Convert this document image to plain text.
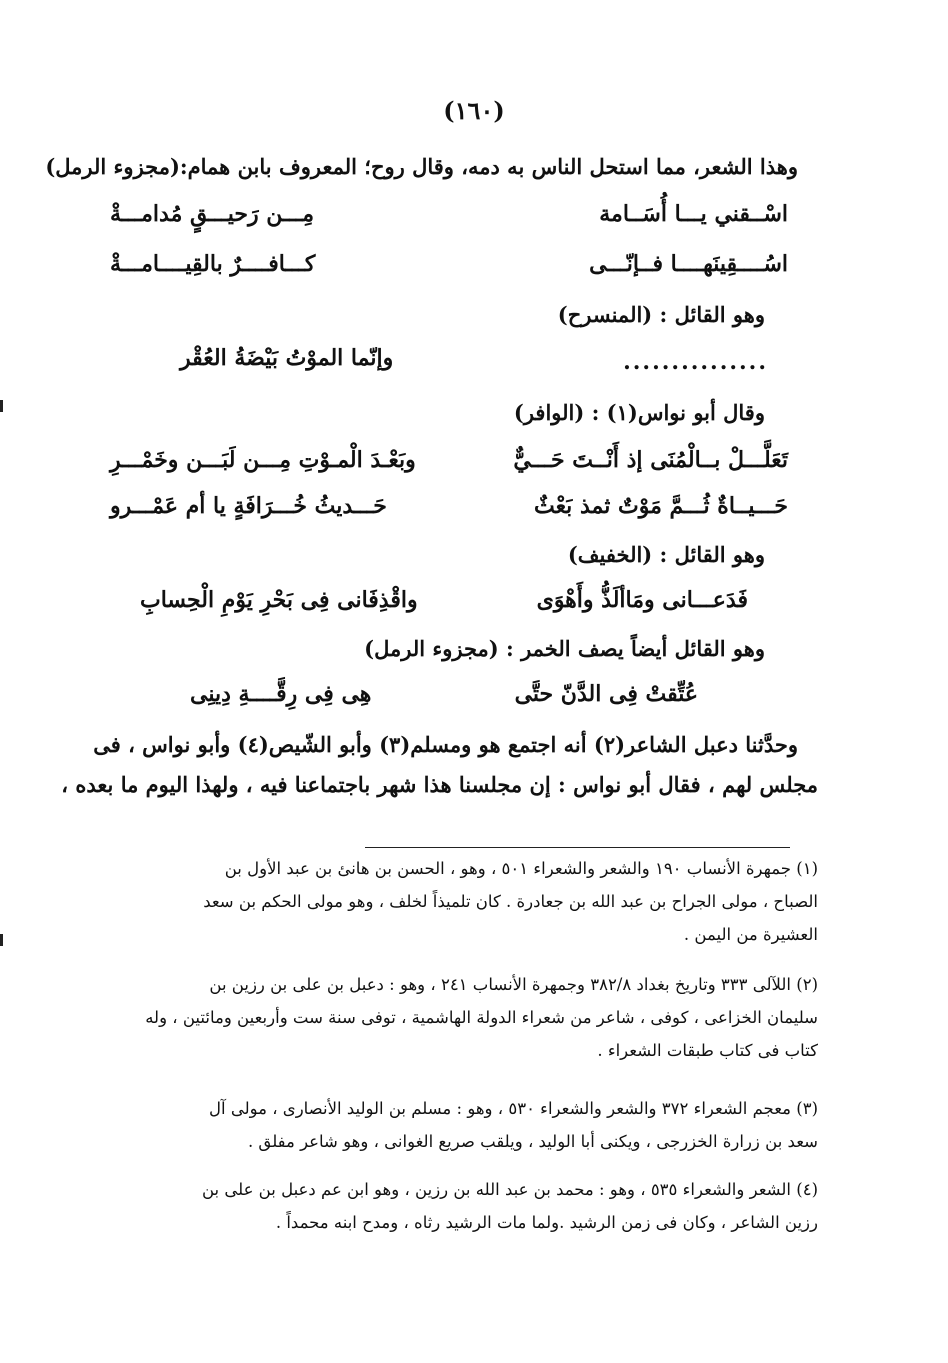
(١٦٠)
وهذا الشعر، مما استحل الناس به دمه، وقال روح؛ المعروف بابن همام:(مجزوء الرمل)
اسْــقني يـــا أُسَــامة
مِـــن رَحيـــقٍ مُدامـــةْ
اسُــــقِينَهــــا فــإنّـــى
كـــافــــرٌ بالقِيــــامـــةْ
وهو القائل : (المنسرح)
...............
وإنّما الموْتُ بَيْضَةُ العُقْر
وقال أبو نواس(١) : (الوافر)
تَعَلَّـــلْ بــالْمُنَى إذ أَنْــتَ حَـــيٌّ
وبَعْـدَ الْمـوْتِ مِـــن لَبَـــن وخَمْـــرِ
حَـــيــاةٌ ثُـــمَّ مَوْتٌ ثمذ بَعْثٌ
حَـــديثُ خُـــرَافَةٍ يا أم عَمْـــرو
وهو القائل : (الخفيف)
فَدَعـــانى ومَاألَذُّ وأَهْوَى
واقْذِفَانى فِى بَحْرِ يَوْمِ الْحِسابِ
وهو القائل أيضاً يصف الخمر : (مجزوء الرمل)
عُتِّقتْ فِى الدَّنّ حتَّى
هِى فِى رِقَّــــةِ دِينِى
وحدَّثنا دعبل الشاعر(٢) أنه اجتمع هو ومسلم(٣) وأبو الشّيص(٤) وأبو نواس ، فى
مجلس لهم ، فقال أبو نواس : إن مجلسنا هذا شهر باجتماعنا فيه ، ولهذا اليوم ما بعده ،

(١) جمهرة الأنساب ١٩٠ والشعر والشعراء ٥٠١ ، وهو ، الحسن بن هانئ بن عبد الأول بن

الصباح ، مولى الجراح بن عبد الله بن جعادرة . كان تلميذاً لخلف ، وهو مولى الحكم بن سعد

العشيرة من اليمن .

(٢) اللآلى ٣٣٣ وتاريخ بغداد ٣٨٢/٨ وجمهرة الأنساب ٢٤١ ، وهو : دعبل بن على بن رزين بن

سليمان الخزاعى ، كوفى ، شاعر من شعراء الدولة الهاشمية ، توفى سنة ست وأربعين ومائتين ، وله

كتاب فى كتاب طبقات الشعراء .

(٣) معجم الشعراء ٣٧٢ والشعر والشعراء ٥٣٠ ، وهو : مسلم بن الوليد الأنصارى ، مولى آل

سعد بن زرارة الخزرجى ، ويكنى أبا الوليد ، ويلقب صريع الغوانى ، وهو شاعر مفلق .

(٤) الشعر والشعراء ٥٣٥ ، وهو : محمد بن عبد الله بن رزين ، وهو ابن عم دعبل بن على بن

رزين الشاعر ، وكان فى زمن الرشيد .ولما مات الرشيد رثاه ، ومدح ابنه محمداً .
